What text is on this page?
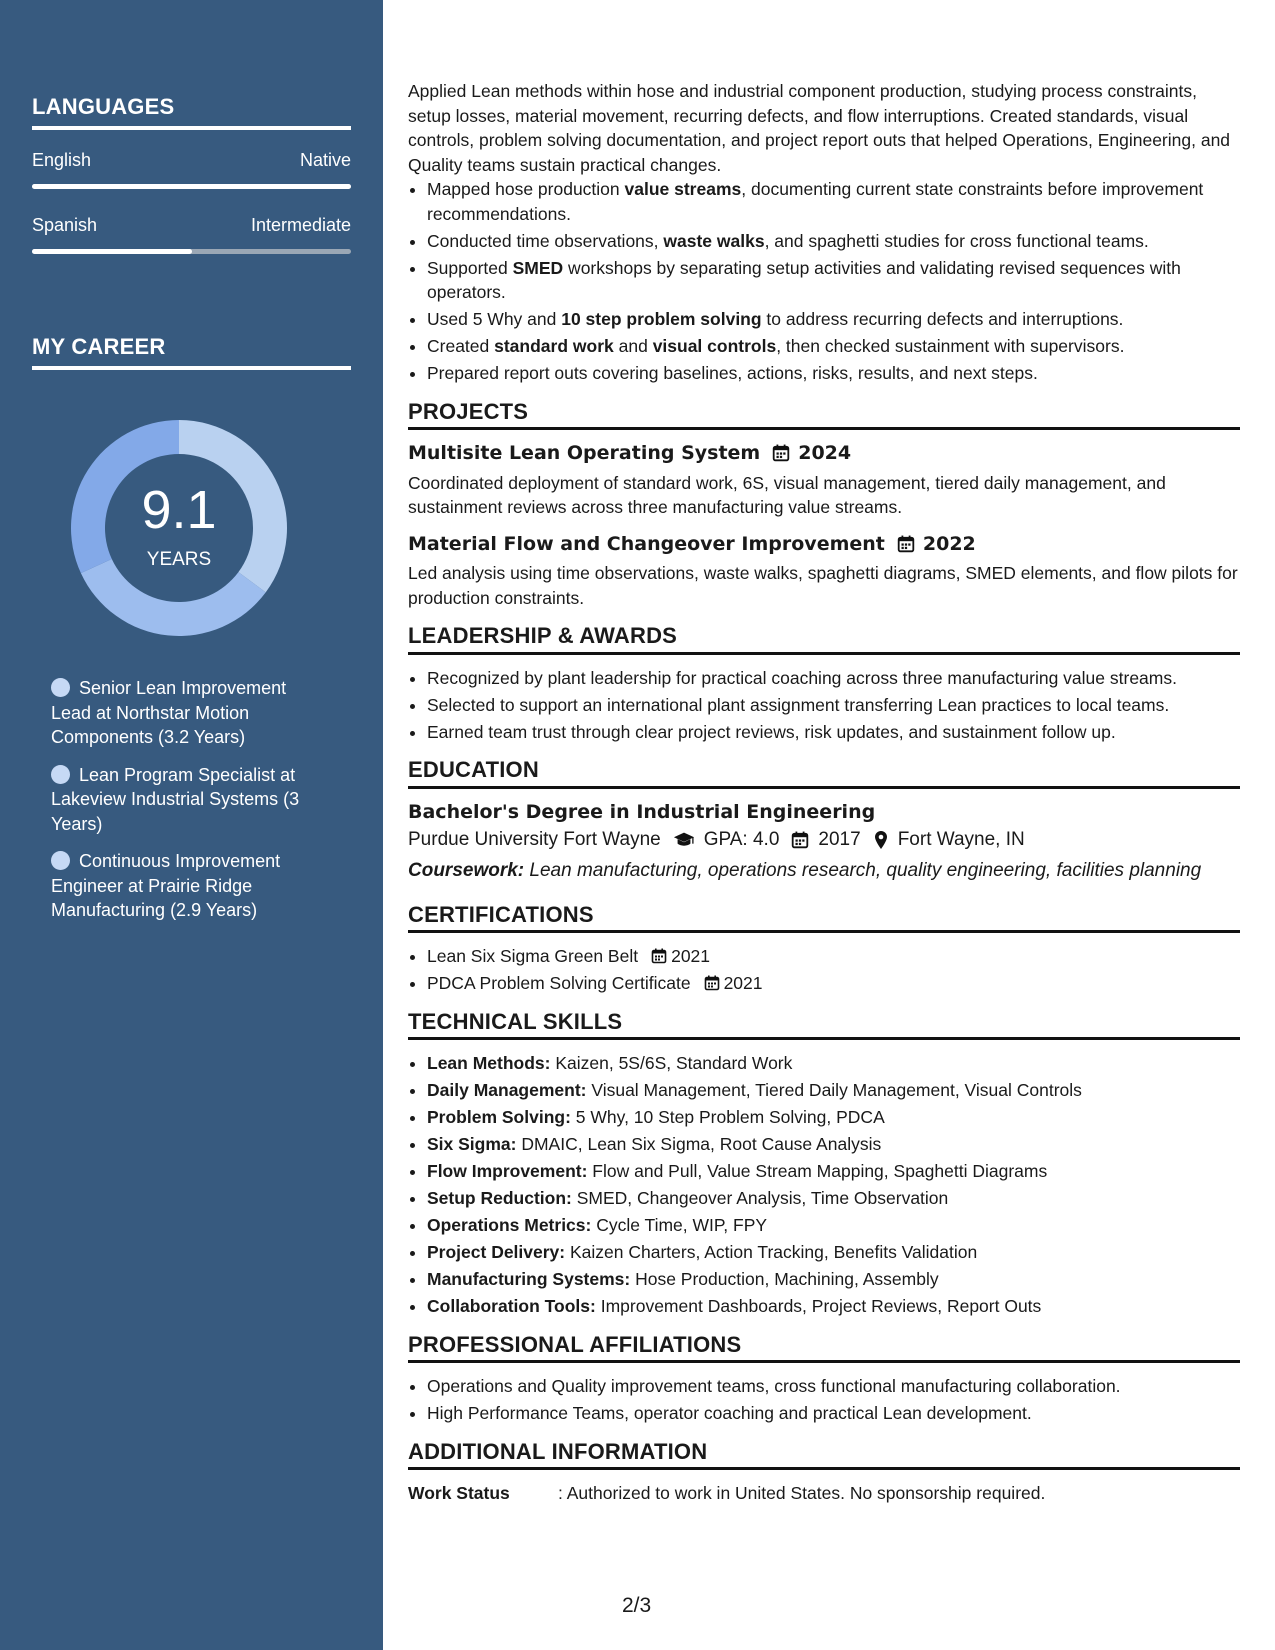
LANGUAGES
English	Native
Spanish	Intermediate
MY CAREER
9.1
YEARS
Senior Lean Improvement Lead at Northstar Motion Components (3.2 Years)
Lean Program Specialist at Lakeview Industrial Systems (3 Years)
Continuous Improvement Engineer at Prairie Ridge Manufacturing (2.9 Years)

Applied Lean methods within hose and industrial component production, studying process constraints, setup losses, material movement, recurring defects, and flow interruptions. Created standards, visual controls, problem solving documentation, and project report outs that helped Operations, Engineering, and Quality teams sustain practical changes.

• Mapped hose production value streams, documenting current state constraints before improvement recommendations.
• Conducted time observations, waste walks, and spaghetti studies for cross functional teams.
• Supported SMED workshops by separating setup activities and validating revised sequences with operators.
• Used 5 Why and 10 step problem solving to address recurring defects and interruptions.
• Created standard work and visual controls, then checked sustainment with supervisors.
• Prepared report outs covering baselines, actions, risks, results, and next steps.
PROJECTS
Multisite Lean Operating System 2024
Coordinated deployment of standard work, 6S, visual management, tiered daily management, and sustainment reviews across three manufacturing value streams.
Material Flow and Changeover Improvement 2022
Led analysis using time observations, waste walks, spaghetti diagrams, SMED elements, and flow pilots for production constraints.
LEADERSHIP & AWARDS
• Recognized by plant leadership for practical coaching across three manufacturing value streams.
• Selected to support an international plant assignment transferring Lean practices to local teams.
• Earned team trust through clear project reviews, risk updates, and sustainment follow up.
EDUCATION
Bachelor's Degree in Industrial Engineering
Purdue University Fort Wayne GPA: 4.0 2017 Fort Wayne, IN
Coursework: Lean manufacturing, operations research, quality engineering, facilities planning
CERTIFICATIONS
• Lean Six Sigma Green Belt 2021
• PDCA Problem Solving Certificate 2021
TECHNICAL SKILLS
• Lean Methods: Kaizen, 5S/6S, Standard Work
• Daily Management: Visual Management, Tiered Daily Management, Visual Controls
• Problem Solving: 5 Why, 10 Step Problem Solving, PDCA
• Six Sigma: DMAIC, Lean Six Sigma, Root Cause Analysis
• Flow Improvement: Flow and Pull, Value Stream Mapping, Spaghetti Diagrams
• Setup Reduction: SMED, Changeover Analysis, Time Observation
• Operations Metrics: Cycle Time, WIP, FPY
• Project Delivery: Kaizen Charters, Action Tracking, Benefits Validation
• Manufacturing Systems: Hose Production, Machining, Assembly
• Collaboration Tools: Improvement Dashboards, Project Reviews, Report Outs
PROFESSIONAL AFFILIATIONS
• Operations and Quality improvement teams, cross functional manufacturing collaboration.
• High Performance Teams, operator coaching and practical Lean development.
ADDITIONAL INFORMATION
Work Status	: Authorized to work in United States. No sponsorship required.
2/3
